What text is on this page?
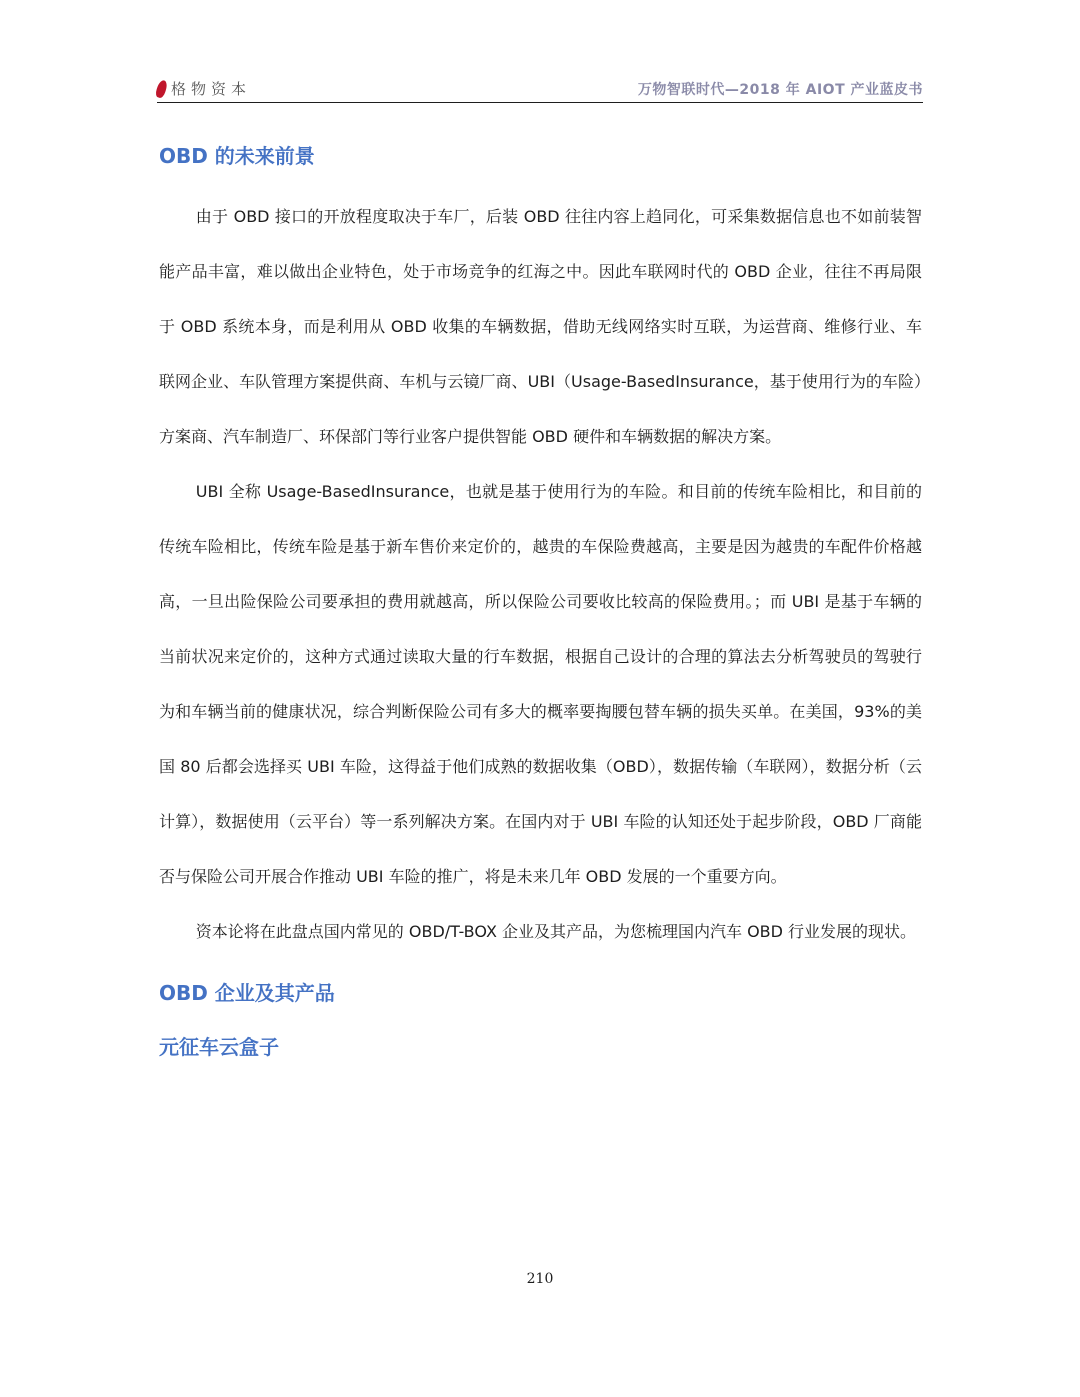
格物资本	万物智联时代—2018 年 AIOT 产业蓝皮书
OBD 的未来前景

由于 OBD 接口的开放程度取决于车厂，后装 OBD 往往内容上趋同化，可采集数据信息也不如前装智能产品丰富，难以做出企业特色，处于市场竞争的红海之中。因此车联网时代的 OBD 企业，往往不再局限于 OBD 系统本身，而是利用从 OBD 收集的车辆数据，借助无线网络实时互联，为运营商、维修行业、车联网企业、车队管理方案提供商、车机与云镜厂商、UBI（Usage-BasedInsurance，基于使用行为的车险）方案商、汽车制造厂、环保部门等行业客户提供智能 OBD 硬件和车辆数据的解决方案。

UBI 全称 Usage-BasedInsurance，也就是基于使用行为的车险。和目前的传统车险相比，和目前的传统车险相比，传统车险是基于新车售价来定价的，越贵的车保险费越高，主要是因为越贵的车配件价格越高，一旦出险保险公司要承担的费用就越高，所以保险公司要收比较高的保险费用。；而 UBI 是基于车辆的当前状况来定价的，这种方式通过读取大量的行车数据，根据自己设计的合理的算法去分析驾驶员的驾驶行为和车辆当前的健康状况，综合判断保险公司有多大的概率要掏腰包替车辆的损失买单。在美国，93%的美国 80 后都会选择买 UBI 车险，这得益于他们成熟的数据收集（OBD），数据传输（车联网），数据分析（云计算），数据使用（云平台）等一系列解决方案。在国内对于 UBI 车险的认知还处于起步阶段，OBD 厂商能否与保险公司开展合作推动 UBI 车险的推广，将是未来几年 OBD 发展的一个重要方向。

资本论将在此盘点国内常见的 OBD/T-BOX 企业及其产品，为您梳理国内汽车 OBD 行业发展的现状。

OBD 企业及其产品
元征车云盒子
210
